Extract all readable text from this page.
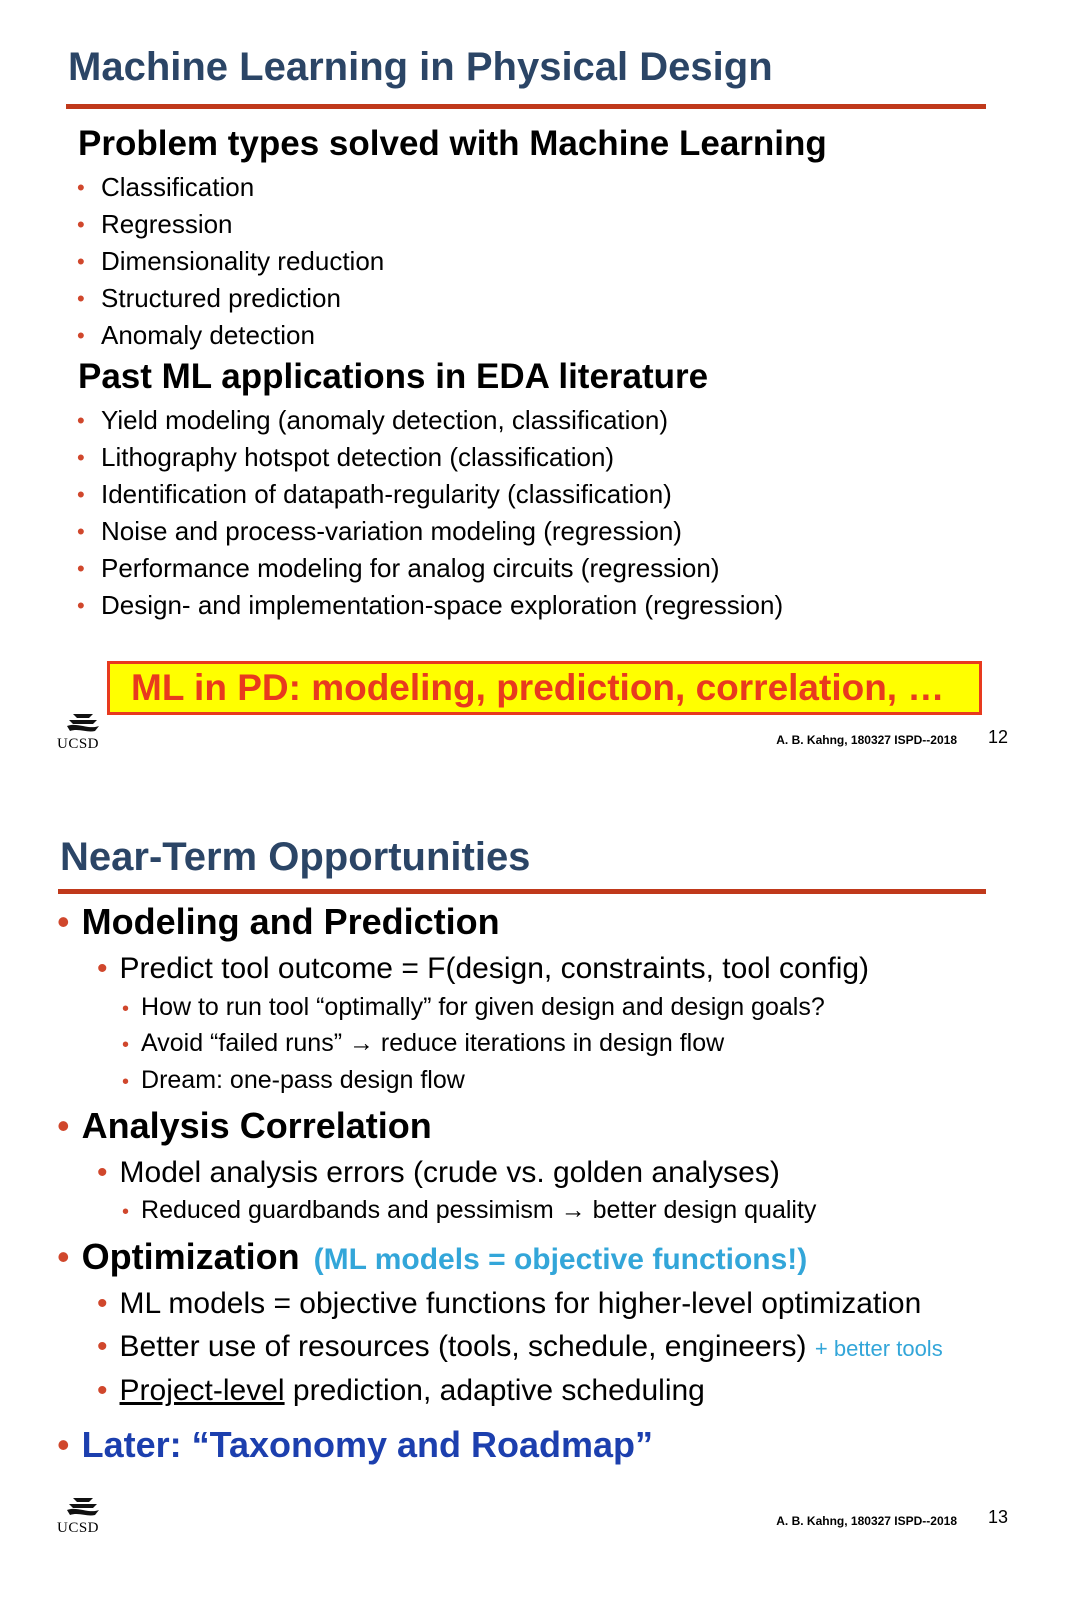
Machine Learning in Physical Design
Problem types solved with Machine Learning
• Classification
• Regression
• Dimensionality reduction
• Structured prediction
• Anomaly detection
Past ML applications in EDA literature
• Yield modeling (anomaly detection, classification)
• Lithography hotspot detection (classification)
• Identification of datapath-regularity (classification)
• Noise and process-variation modeling (regression)
• Performance modeling for analog circuits (regression)
• Design- and implementation-space exploration (regression)
ML in PD: modeling, prediction, correlation, …
UCSD	A. B. Kahng, 180327 ISPD--2018 12
Near-Term Opportunities
• Modeling and Prediction
• Predict tool outcome = F(design, constraints, tool config)
• How to run tool “optimally” for given design and design goals?
• Avoid “failed runs” → reduce iterations in design flow
• Dream: one-pass design flow
• Analysis Correlation
• Model analysis errors (crude vs. golden analyses)
• Reduced guardbands and pessimism → better design quality
• Optimization (ML models = objective functions!)
• ML models = objective functions for higher-level optimization
• Better use of resources (tools, schedule, engineers) + better tools
• Project-level prediction, adaptive scheduling
• Later: “Taxonomy and Roadmap”
UCSD	A. B. Kahng, 180327 ISPD--2018 13
